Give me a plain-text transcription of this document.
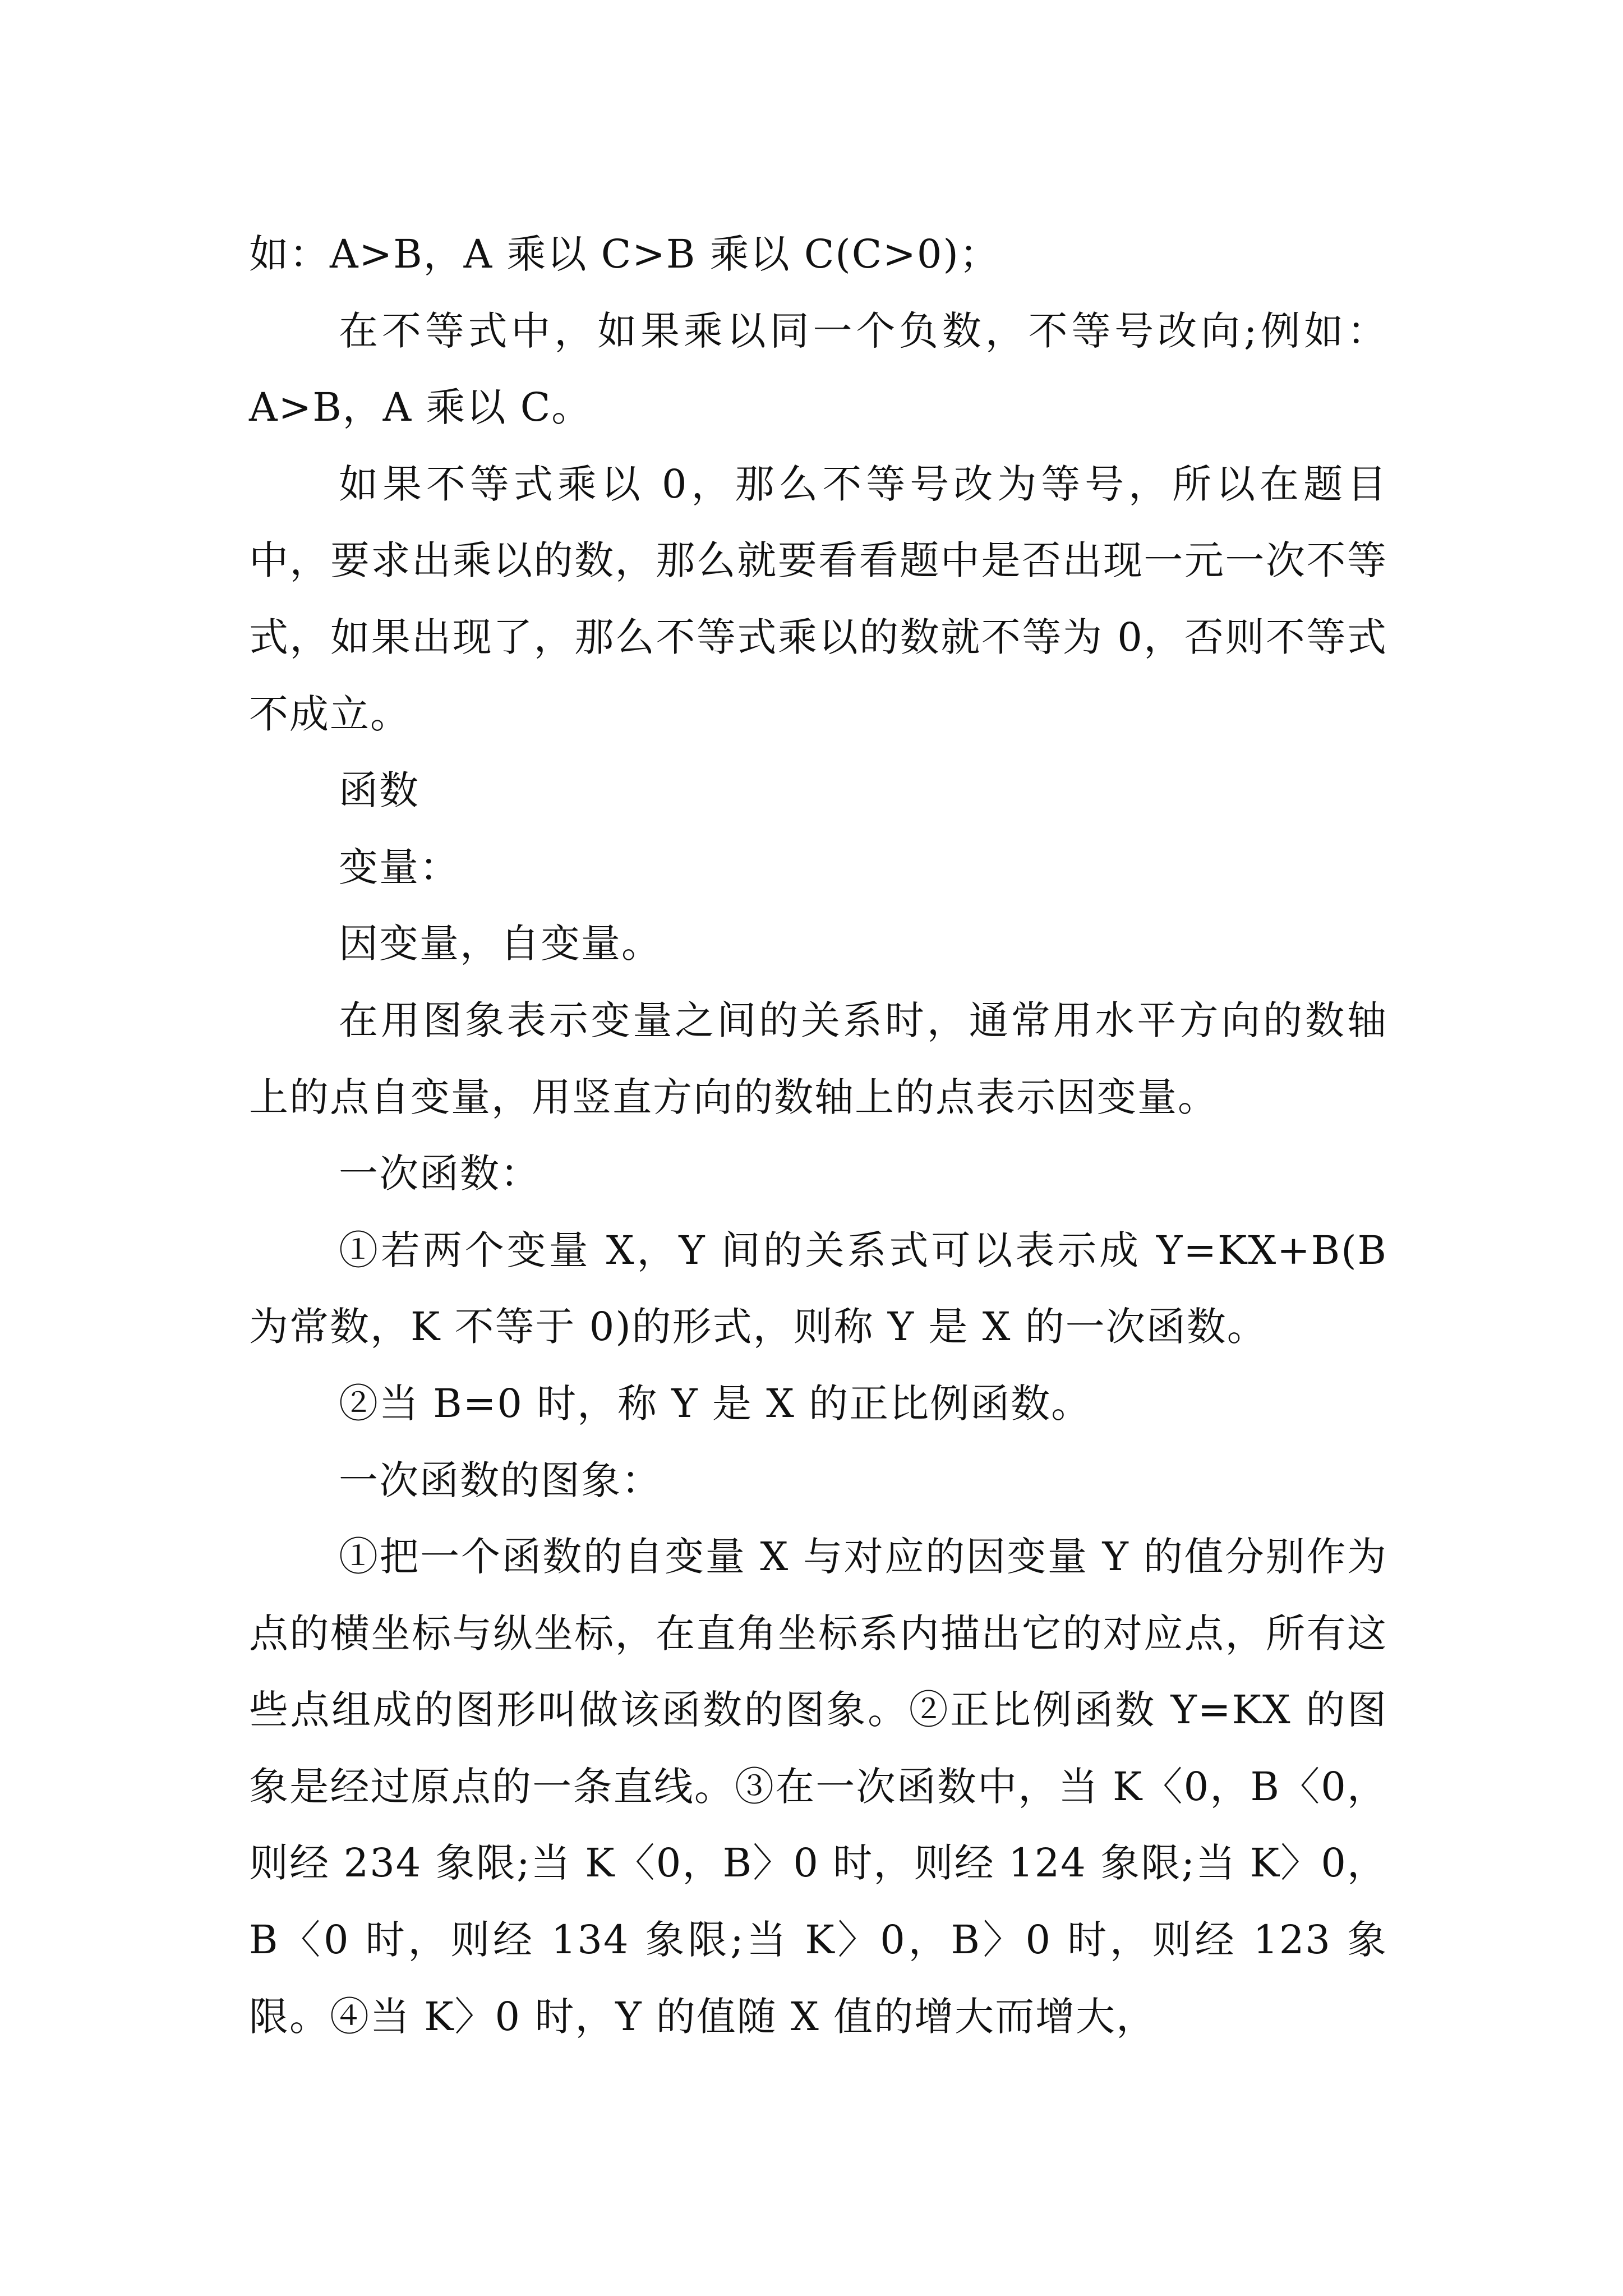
如：A>B，A 乘以 C>B 乘以 C(C>0)；

在不等式中，如果乘以同一个负数，不等号改向;例如：A>B，A 乘以 C。

如果不等式乘以 0，那么不等号改为等号，所以在题目中，要求出乘以的数，那么就要看看题中是否出现一元一次不等式，如果出现了，那么不等式乘以的数就不等为 0，否则不等式不成立。

函数

变量：

因变量，自变量。

在用图象表示变量之间的关系时，通常用水平方向的数轴上的点自变量，用竖直方向的数轴上的点表示因变量。

一次函数：

①若两个变量 X，Y 间的关系式可以表示成 Y=KX+B(B 为常数，K 不等于 0)的形式，则称 Y 是 X 的一次函数。

②当 B=0 时，称 Y 是 X 的正比例函数。

一次函数的图象：

①把一个函数的自变量 X 与对应的因变量 Y 的值分别作为点的横坐标与纵坐标，在直角坐标系内描出它的对应点，所有这些点组成的图形叫做该函数的图象。②正比例函数 Y=KX 的图象是经过原点的一条直线。③在一次函数中，当 K〈0，B〈0，则经 234 象限;当 K〈0，B〉0 时，则经 124 象限;当 K〉0，B〈0 时，则经 134 象限;当 K〉0，B〉0 时，则经 123 象限。④当 K〉0 时，Y 的值随 X 值的增大而增大，
